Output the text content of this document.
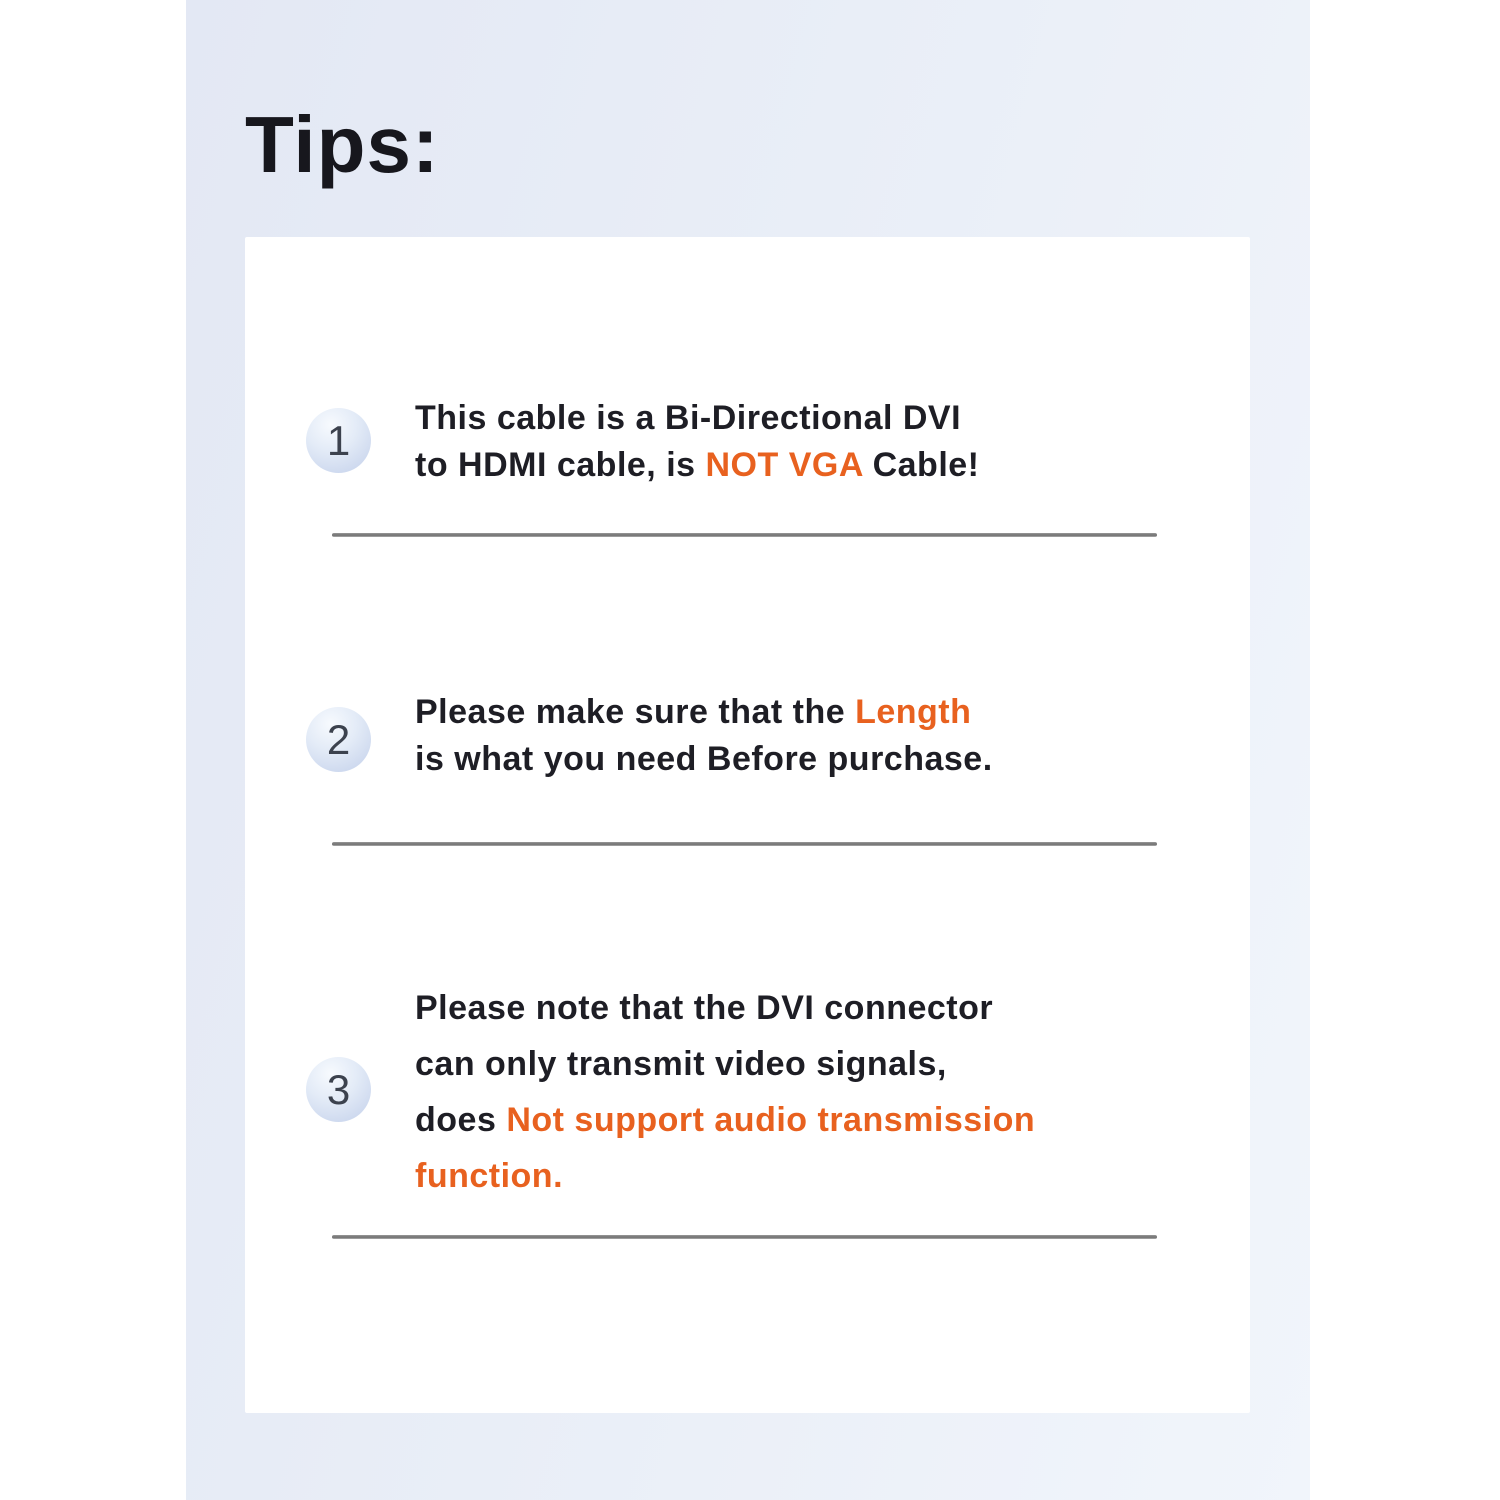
Tips:
1	This cable is a Bi-Directional DVI
to HDMI cable, is NOT VGA Cable!
2
Please make sure that the Length
is what you need Before purchase.
3
Please note that the DVI connector
can only transmit video signals,
does Not support audio transmission
function.
